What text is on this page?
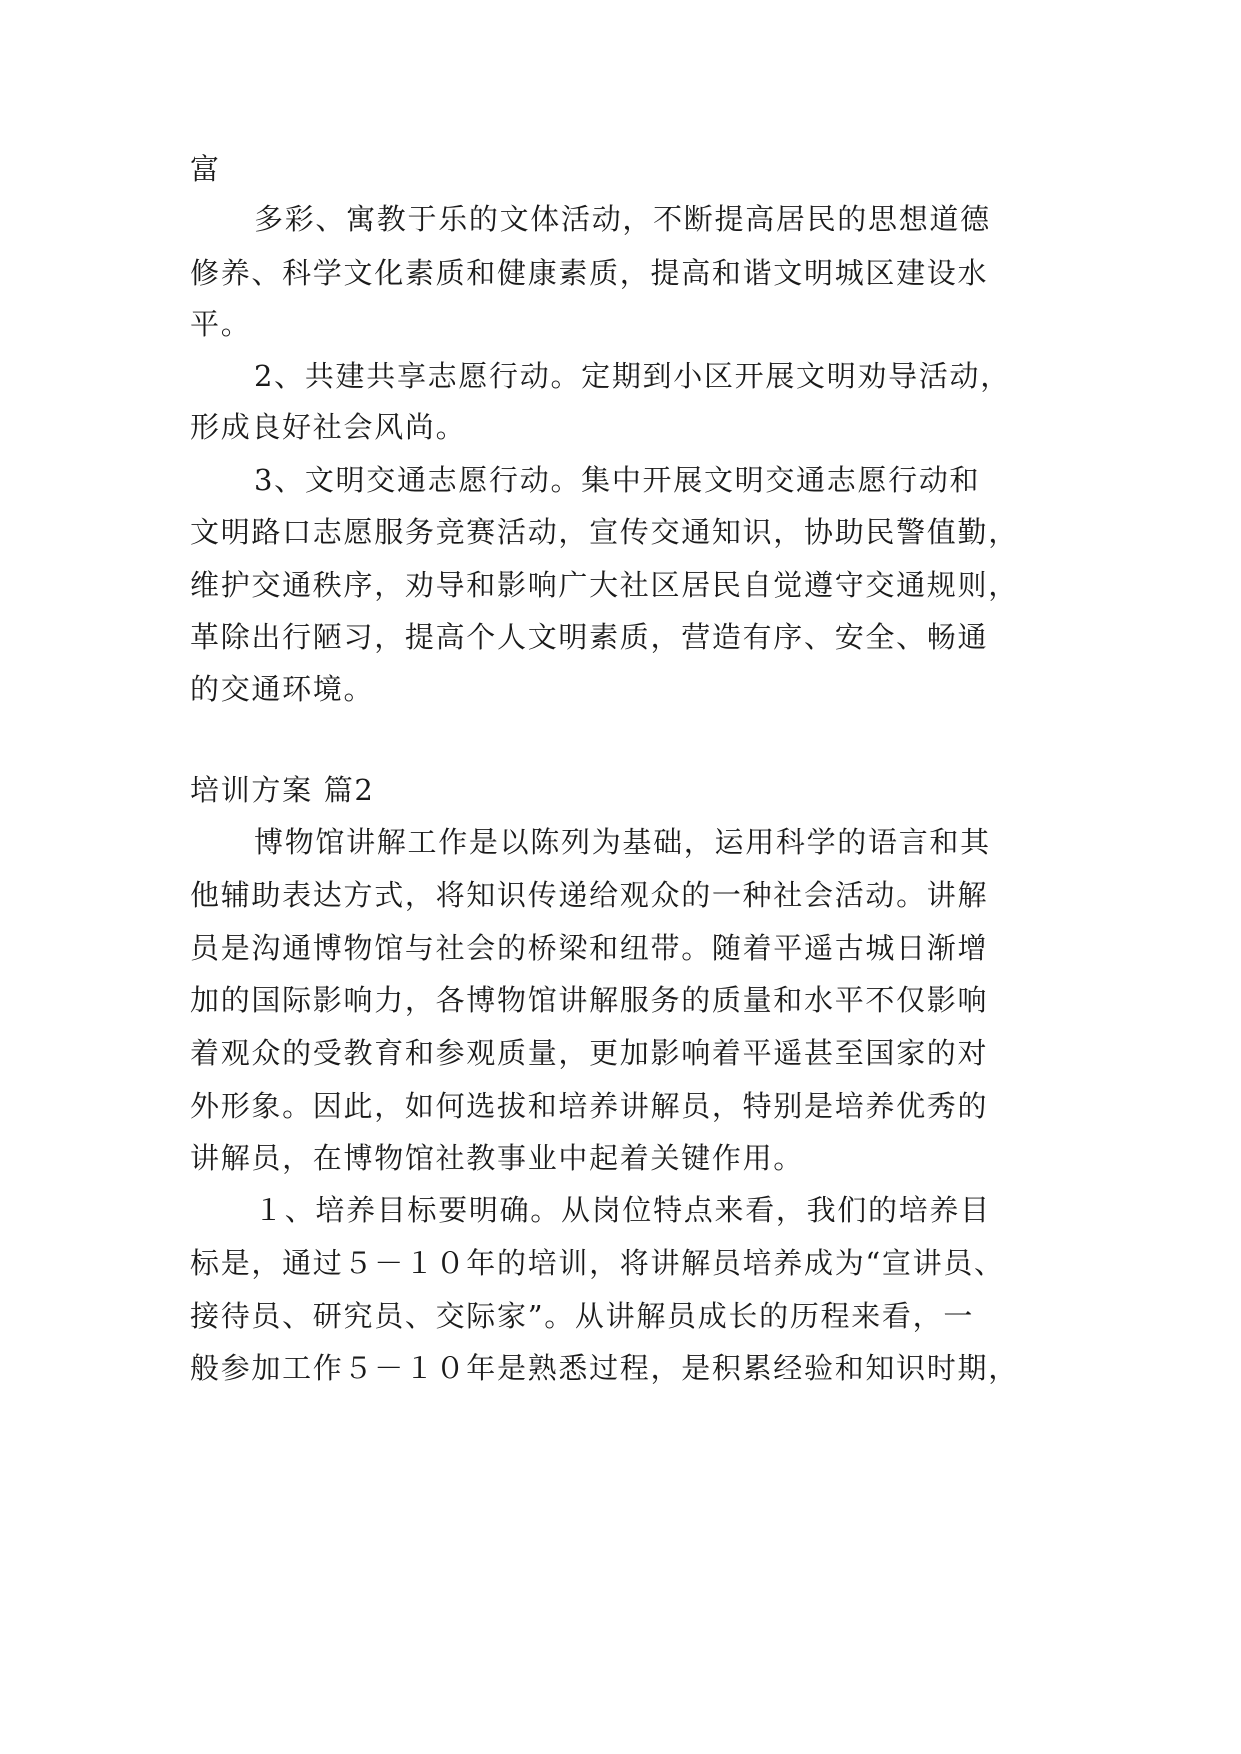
富
多彩、寓教于乐的文体活动，不断提高居民的思想道德
修养、科学文化素质和健康素质，提高和谐文明城区建设水
平。
2、共建共享志愿行动。定期到小区开展文明劝导活动，
形成良好社会风尚。
3、文明交通志愿行动。集中开展文明交通志愿行动和
文明路口志愿服务竞赛活动，宣传交通知识，协助民警值勤，
维护交通秩序，劝导和影响广大社区居民自觉遵守交通规则，
革除出行陋习，提高个人文明素质，营造有序、安全、畅通
的交通环境。
培训方案 篇2
博物馆讲解工作是以陈列为基础，运用科学的语言和其
他辅助表达方式，将知识传递给观众的一种社会活动。讲解
员是沟通博物馆与社会的桥梁和纽带。随着平遥古城日渐增
加的国际影响力，各博物馆讲解服务的质量和水平不仅影响
着观众的受教育和参观质量，更加影响着平遥甚至国家的对
外形象。因此，如何选拔和培养讲解员，特别是培养优秀的
讲解员，在博物馆社教事业中起着关键作用。
１、培养目标要明确。从岗位特点来看，我们的培养目
标是，通过５－１０年的培训，将讲解员培养成为“宣讲员、
接待员、研究员、交际家”。从讲解员成长的历程来看，一
般参加工作５－１０年是熟悉过程，是积累经验和知识时期，
